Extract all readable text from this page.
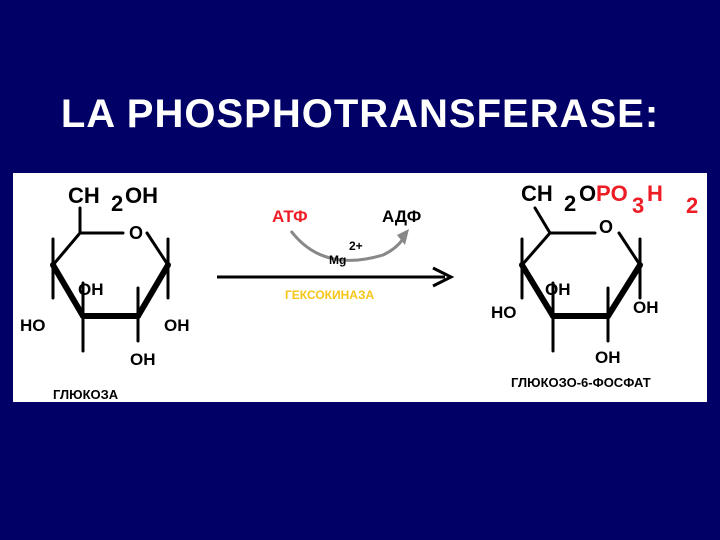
LA PHOSPHOTRANSFERASE:
CH 2 OH
O
OH
HO	OH
OH
ГЛЮКОЗА
АТФ	АДФ
Mg
2+
ГЕКСОКИНАЗА
CH 2 O PO 3 H 2
O
OH
HO	OH
OH
ГЛЮКОЗО-6-ФОСФАТ
